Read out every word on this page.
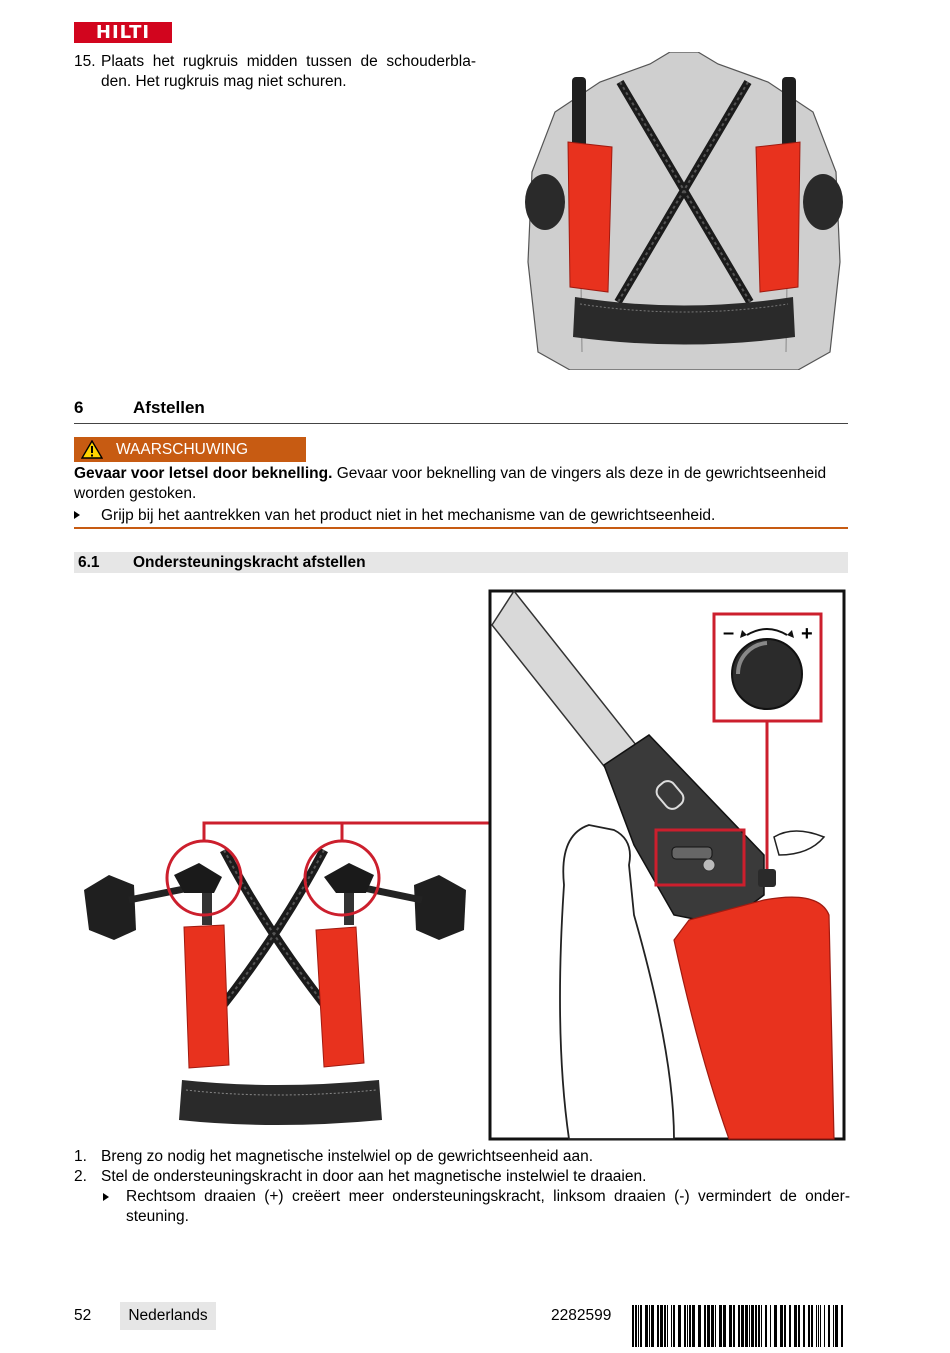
HILTI
15. Plaats het rugkruis midden tussen de schouderbla- den. Het rugkruis mag niet schuren.
6	Afstellen
WAARSCHUWING
Gevaar voor letsel door beknelling. Gevaar voor beknelling van de vingers als deze in de gewrichtseenheid worden gestoken.
Grijp bij het aantrekken van het product niet in het mechanisme van de gewrichtseenheid.
6.1 Ondersteuningskracht afstellen
–	+
1. Breng zo nodig het magnetische instelwiel op de gewrichtseenheid aan.
2. Stel de ondersteuningskracht in door aan het magnetische instelwiel te draaien.
Rechtsom draaien (+) creëert meer ondersteuningskracht, linksom draaien (-) vermindert de onder- steuning.
52	Nederlands	2282599
